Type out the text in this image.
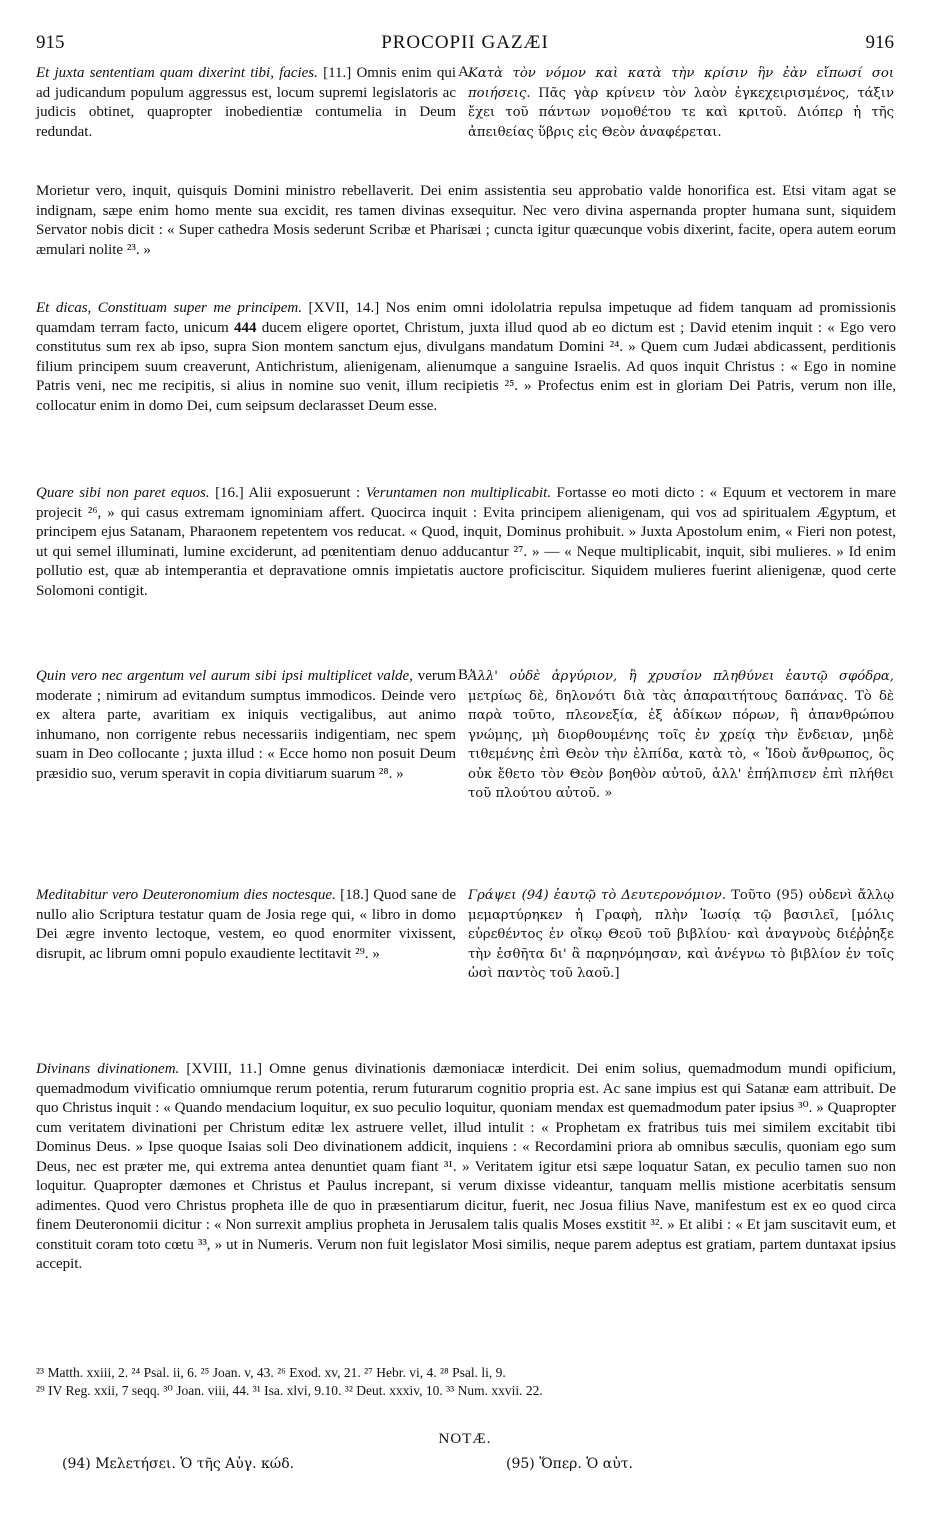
915	PROCOPII GAZÆI	916

Et juxta sententiam quam dixerint tibi, facies. [11.] Omnis enim qui ad judicandum populum aggressus est, locum supremi legislatoris ac judicis obtinet, quapropter inobedientiæ contumelia in Deum redundat.

A Κατὰ τὸν νόμον καὶ κατὰ τὴν κρίσιν ἣν ἐὰν εἴπωσί σοι ποιήσεις. Πᾶς γὰρ κρίνειν τὸν λαὸν ἐγκεχειρισμένος, τάξιν ἔχει τοῦ πάντων νομοθέτου τε καὶ κριτοῦ. Διόπερ ἡ τῆς ἀπειθείας ὕβρις εἰς Θεὸν ἀναφέρεται.

Morietur vero, inquit, quisquis Domini ministro rebellaverit. Dei enim assistentia seu approbatio valde honorifica est. Etsi vitam agat se indignam, sæpe enim homo mente sua excidit, res tamen divinas exsequitur. Nec vero divina aspernanda propter humana sunt, siquidem Servator nobis dicit : « Super cathedra Mosis sederunt Scribæ et Pharisæi ; cuncta igitur quæcunque vobis dixerint, facite, opera autem eorum æmulari nolite ²³. »

Et dicas, Constituam super me principem. [XVII, 14.] Nos enim omni idololatria repulsa impetuque ad fidem tanquam ad promissionis quamdam terram facto, unicum 444 ducem eligere oportet, Christum, juxta illud quod ab eo dictum est ; David etenim inquit : « Ego vero constitutus sum rex ab ipso, supra Sion montem sanctum ejus, divulgans mandatum Domini ²⁴. » Quem cum Judæi abdicassent, perditionis filium principem suum creaverunt, Antichristum, alienigenam, alienumque a sanguine Israelis. Ad quos inquit Christus : « Ego in nomine Patris veni, nec me recipitis, si alius in nomine suo venit, illum recipietis ²⁵. » Profectus enim est in gloriam Dei Patris, verum non ille, collocatur enim in domo Dei, cum seipsum declarasset Deum esse.

Quare sibi non paret equos. [16.] Alii exposuerunt : Veruntamen non multiplicabit. Fortasse eo moti dicto : « Equum et vectorem in mare projecit ²⁶, » qui casus extremam ignominiam affert. Quocirca inquit : Evita principem alienigenam, qui vos ad spiritualem Ægyptum, et principem ejus Satanam, Pharaonem repetentem vos reducat. « Quod, inquit, Dominus prohibuit. » Juxta Apostolum enim, « Fieri non potest, ut qui semel illuminati, lumine exciderunt, ad pœnitentiam denuo adducantur ²⁷. » — « Neque multiplicabit, inquit, sibi mulieres. » Id enim pollutio est, quæ ab intemperantia et depravatione omnis impietatis auctore proficiscitur. Siquidem mulieres fuerint alienigenæ, quod certe Solomoni contigit.

Quin vero nec argentum vel aurum sibi ipsi multiplicet valde, verum moderate ; nimirum ad evitandum sumptus immodicos. Deinde vero ex altera parte, avaritiam ex iniquis vectigalibus, aut animo inhumano, non corrigente rebus necessariis indigentiam, nec spem suam in Deo collocante ; juxta illud : « Ecce homo non posuit Deum præsidio suo, verum speravit in copia divitiarum suarum ²⁸. »

B Ἀλλ' οὐδὲ ἀργύριον, ἢ χρυσίον πληθύνει ἑαυτῷ σφόδρα, μετρίως δὲ, δηλονότι διὰ τὰς ἀπαραιτήτους δαπάνας. Τὸ δὲ παρὰ τοῦτο, πλεονεξία, ἐξ ἀδίκων πόρων, ἢ ἀπανθρώπου γνώμης, μὴ διορθουμένης τοῖς ἐν χρείᾳ τὴν ἔνδειαν, μηδὲ τιθεμένης ἐπὶ Θεὸν τὴν ἐλπίδα, κατὰ τὸ, « Ἰδοὺ ἄνθρωπος, ὃς οὐκ ἔθετο τὸν Θεὸν βοηθὸν αὐτοῦ, ἀλλ' ἐπήλπισεν ἐπὶ πλήθει τοῦ πλούτου αὐτοῦ. »

Meditabitur vero Deuteronomium dies noctesque. [18.] Quod sane de nullo alio Scriptura testatur quam de Josia rege qui, « libro in domo Dei ægre invento lectoque, vestem, eo quod enormiter vixissent, disrupit, ac librum omni populo exaudiente lectitavit ²⁹. »

Γράψει (94) ἑαυτῷ τὸ Δευτερονόμιον. Τοῦτο (95) οὐδενὶ ἄλλῳ μεμαρτύρηκεν ἡ Γραφὴ, πλὴν Ἰωσίᾳ τῷ βασιλεῖ, [μόλις εὑρεθέντος ἐν οἴκῳ Θεοῦ τοῦ βιβλίου· καὶ ἀναγνοὺς διέῤῥηξε τὴν ἐσθῆτα δι' ἃ παρηνόμησαν, καὶ ἀνέγνω τὸ βιβλίον ἐν τοῖς ὠσὶ παντὸς τοῦ λαοῦ.]

Divinans divinationem. [XVIII, 11.] Omne genus divinationis dæmoniacæ interdicit. Dei enim solius, quemadmodum mundi opificium, quemadmodum vivificatio omniumque rerum potentia, rerum futurarum cognitio propria est. Ac sane impius est qui Satanæ eam attribuit. De quo Christus inquit : « Quando mendacium loquitur, ex suo peculio loquitur, quoniam mendax est quemadmodum pater ipsius ³⁰. » Quapropter cum veritatem divinationi per Christum editæ lex astruere vellet, illud intulit : « Prophetam ex fratribus tuis mei similem excitabit tibi Dominus Deus. » Ipse quoque Isaias soli Deo divinationem addicit, inquiens : « Recordamini priora ab omnibus sæculis, quoniam ego sum Deus, nec est præter me, qui extrema antea denuntiet quam fiant ³¹. » Veritatem igitur etsi sæpe loquatur Satan, ex peculio tamen suo non loquitur. Quapropter dæmones et Christus et Paulus increpant, si verum dixisse videantur, tanquam mellis mistione acerbitatis sensum adimentes. Quod vero Christus propheta ille de quo in præsentiarum dicitur, fuerit, nec Josua filius Nave, manifestum est ex eo quod circa finem Deuteronomii dicitur : « Non surrexit amplius propheta in Jerusalem talis qualis Moses exstitit ³². » Et alibi : « Et jam suscitavit eum, et constituit coram toto cœtu ³³, » ut in Numeris. Verum non fuit legislator Mosi similis, neque parem adeptus est gratiam, partem duntaxat ipsius accepit.

²³ Matth. xxiii, 2. ²⁴ Psal. ii, 6. ²⁵ Joan. v, 43. ²⁶ Exod. xv, 21. ²⁷ Hebr. vi, 4. ²⁸ Psal. li, 9.
²⁹ IV Reg. xxii, 7 seqq. ³⁰ Joan. viii, 44. ³¹ Isa. xlvi, 9.10. ³² Deut. xxxiv, 10. ³³ Num. xxvii. 22.
NOTÆ.
(94) Μελετήσει. Ὁ τῆς Αὐγ. κώδ.	(95) Ὅπερ. Ὁ αὐτ.
